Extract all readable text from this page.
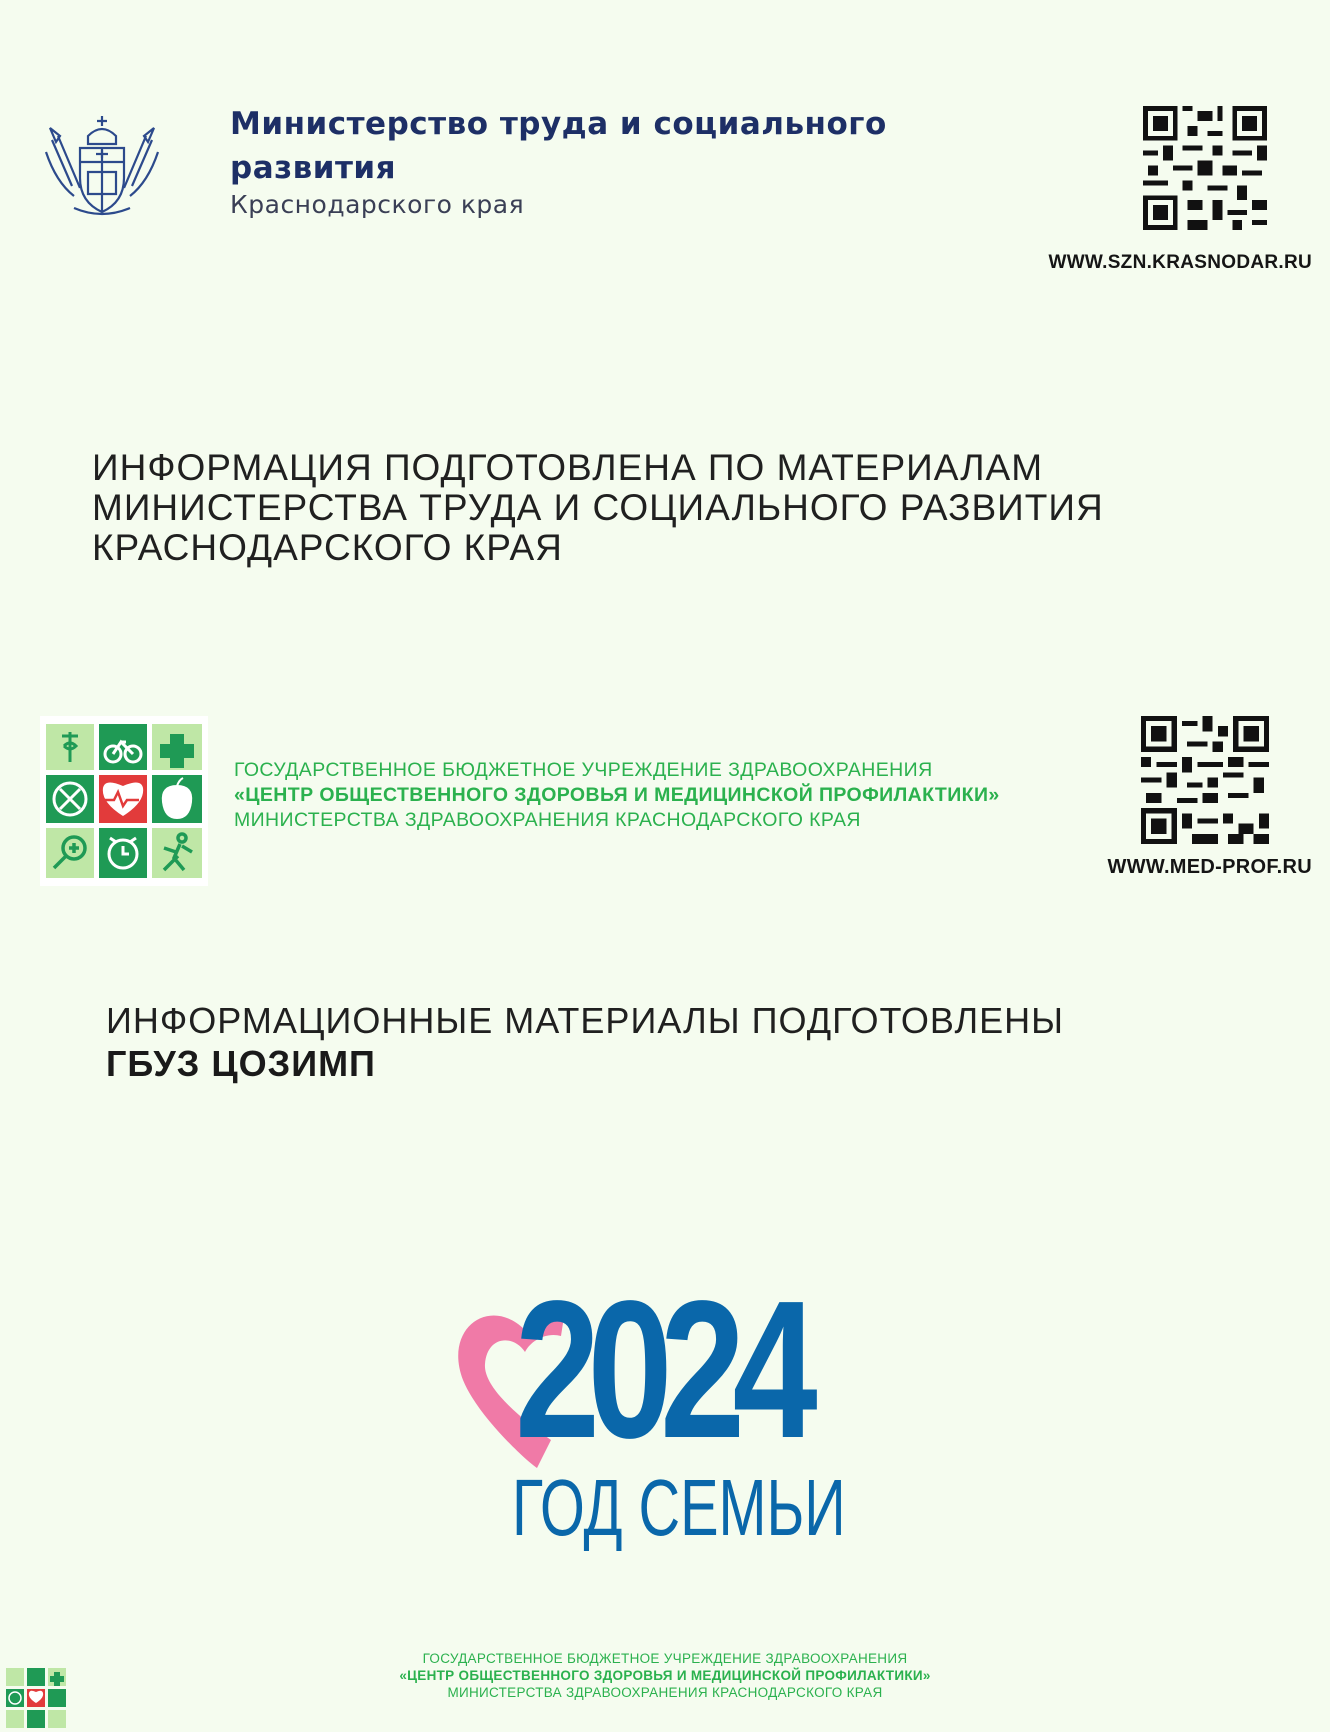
Министерство труда и социального
развития
Краснодарского края
WWW.SZN.KRASNODAR.RU
ИНФОРМАЦИЯ ПОДГОТОВЛЕНА ПО МАТЕРИАЛАМ
МИНИСТЕРСТВА ТРУДА И СОЦИАЛЬНОГО РАЗВИТИЯ
КРАСНОДАРСКОГО КРАЯ
ГОСУДАРСТВЕННОЕ БЮДЖЕТНОЕ УЧРЕЖДЕНИЕ ЗДРАВООХРАНЕНИЯ
«ЦЕНТР ОБЩЕСТВЕННОГО ЗДОРОВЬЯ И МЕДИЦИНСКОЙ ПРОФИЛАКТИКИ»
МИНИСТЕРСТВА ЗДРАВООХРАНЕНИЯ КРАСНОДАРСКОГО КРАЯ
WWW.MED-PROF.RU
ИНФОРМАЦИОННЫЕ МАТЕРИАЛЫ ПОДГОТОВЛЕНЫ
ГБУЗ ЦОЗИМП
2024
ГОД СЕМЬИ
ГОСУДАРСТВЕННОЕ БЮДЖЕТНОЕ УЧРЕЖДЕНИЕ ЗДРАВООХРАНЕНИЯ
«ЦЕНТР ОБЩЕСТВЕННОГО ЗДОРОВЬЯ И МЕДИЦИНСКОЙ ПРОФИЛАКТИКИ»
МИНИСТЕРСТВА ЗДРАВООХРАНЕНИЯ КРАСНОДАРСКОГО КРАЯ
